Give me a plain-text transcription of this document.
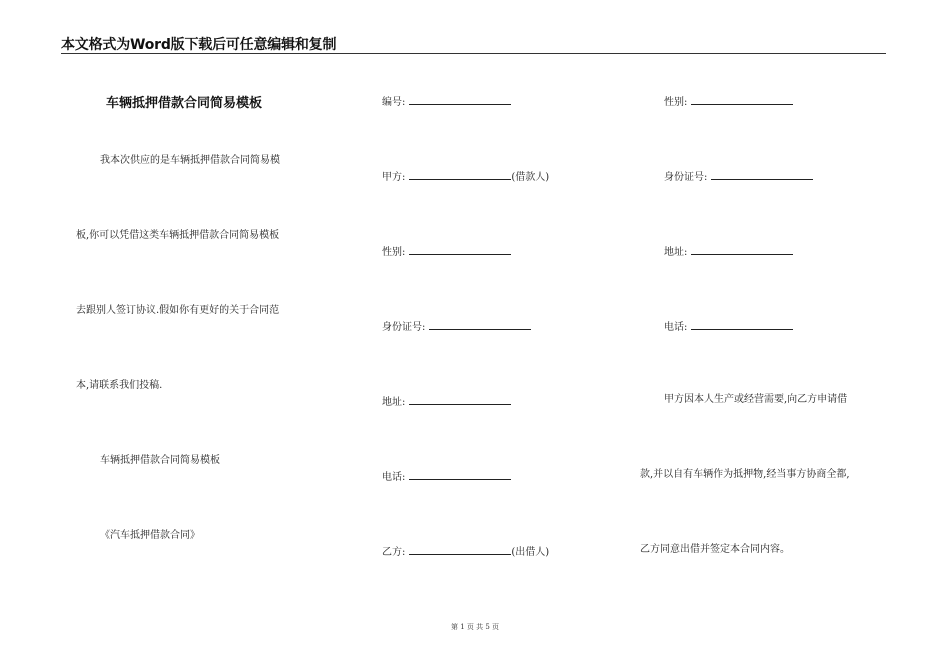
本文格式为Word版下载后可任意编辑和复制
车辆抵押借款合同简易模板
我本次供应的是车辆抵押借款合同简易模
板,你可以凭借这类车辆抵押借款合同简易模板
去跟别人签订协议.假如你有更好的关于合同范
本,请联系我们投稿.
车辆抵押借款合同简易模板
《汽车抵押借款合同》
编号:
甲方:	(借款人)
性别:
身份证号:
地址:
电话:
乙方:	(出借人)
性别:
身份证号:
地址:
电话:
甲方因本人生产或经营需要,向乙方申请借
款,并以自有车辆作为抵押物,经当事方协商全都,
乙方同意出借并签定本合同内容。
第 1 页 共 5 页
